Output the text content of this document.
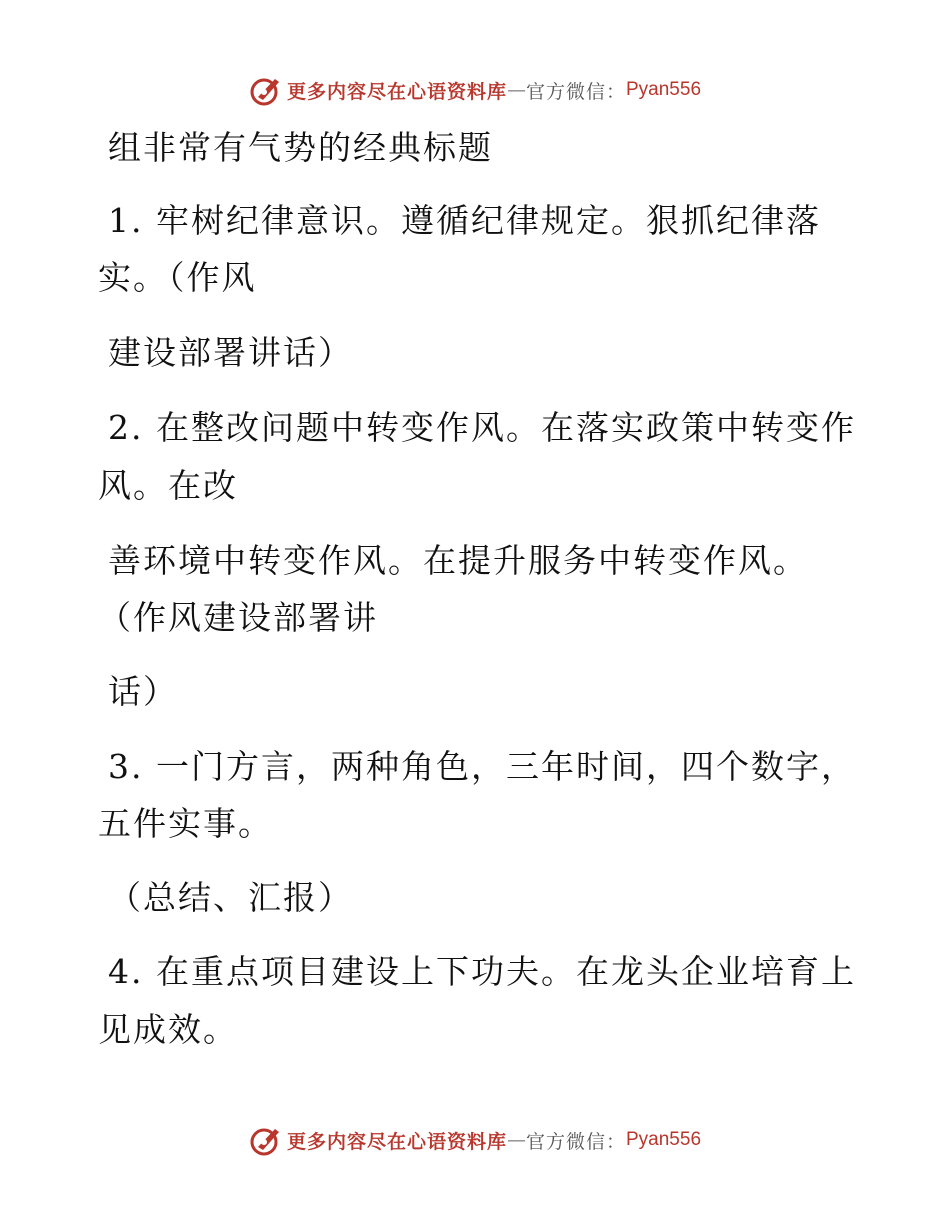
更多内容尽在心语资料库 — 官方微信： Pyan556
组非常有气势的经典标题
1. 牢树纪律意识。遵循纪律规定。狠抓纪律落
实。（作风
建设部署讲话）
2. 在整改问题中转变作风。在落实政策中转变作
风。在改
善环境中转变作风。在提升服务中转变作风。
（作风建设部署讲
话）
3. 一门方言，两种角色，三年时间，四个数字，
五件实事。
（总结、汇报）
4. 在重点项目建设上下功夫。在龙头企业培育上
见成效。
更多内容尽在心语资料库 — 官方微信： Pyan556
